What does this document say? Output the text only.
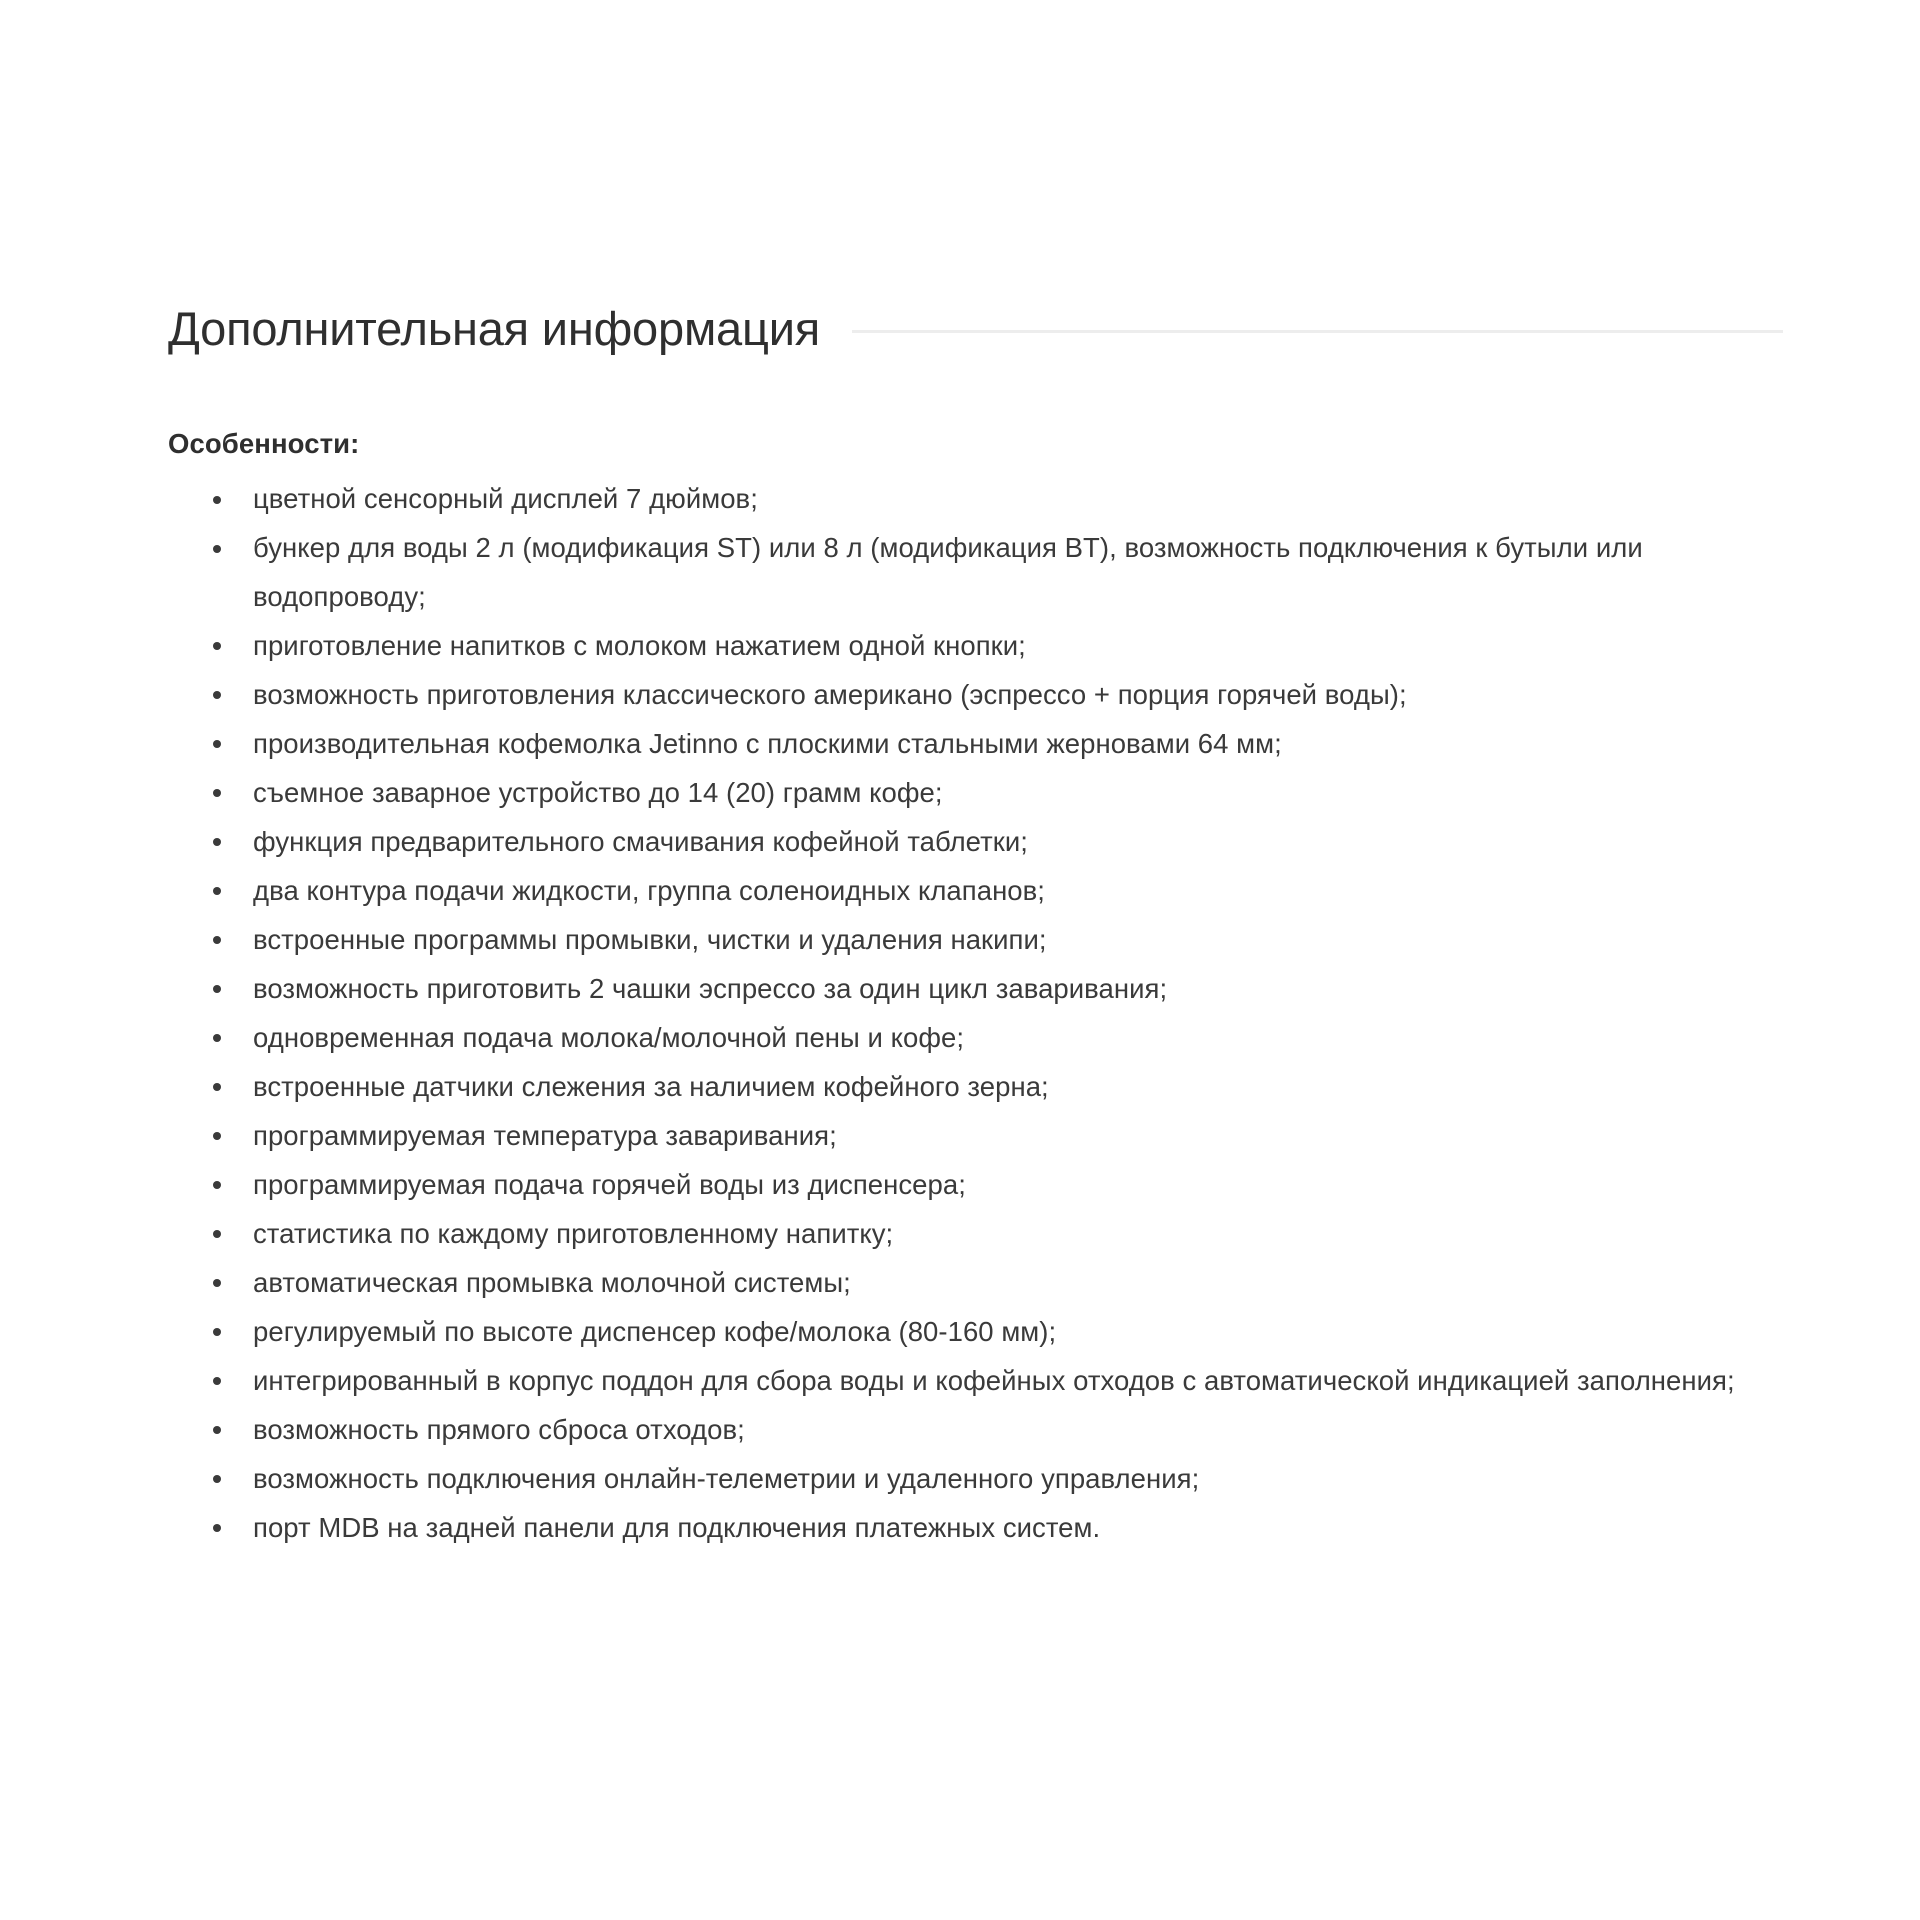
Дополнительная информация
Особенности:
цветной сенсорный дисплей 7 дюймов;
бункер для воды 2 л (модификация ST) или 8 л (модификация BT), возможность подключения к бутыли или водопроводу;
приготовление напитков с молоком нажатием одной кнопки;
возможность приготовления классического американо (эспрессо + порция горячей воды);
производительная кофемолка Jetinno с плоскими стальными жерновами 64 мм;
съемное заварное устройство до 14 (20) грамм кофе;
функция предварительного смачивания кофейной таблетки;
два контура подачи жидкости, группа соленоидных клапанов;
встроенные программы промывки, чистки и удаления накипи;
возможность приготовить 2 чашки эспрессо за один цикл заваривания;
одновременная подача молока/молочной пены и кофе;
встроенные датчики слежения за наличием кофейного зерна;
программируемая температура заваривания;
программируемая подача горячей воды из диспенсера;
статистика по каждому приготовленному напитку;
автоматическая промывка молочной системы;
регулируемый по высоте диспенсер кофе/молока (80-160 мм);
интегрированный в корпус поддон для сбора воды и кофейных отходов с автоматической индикацией заполнения;
возможность прямого сброса отходов;
возможность подключения онлайн-телеметрии и удаленного управления;
порт MDB на задней панели для подключения платежных систем.
